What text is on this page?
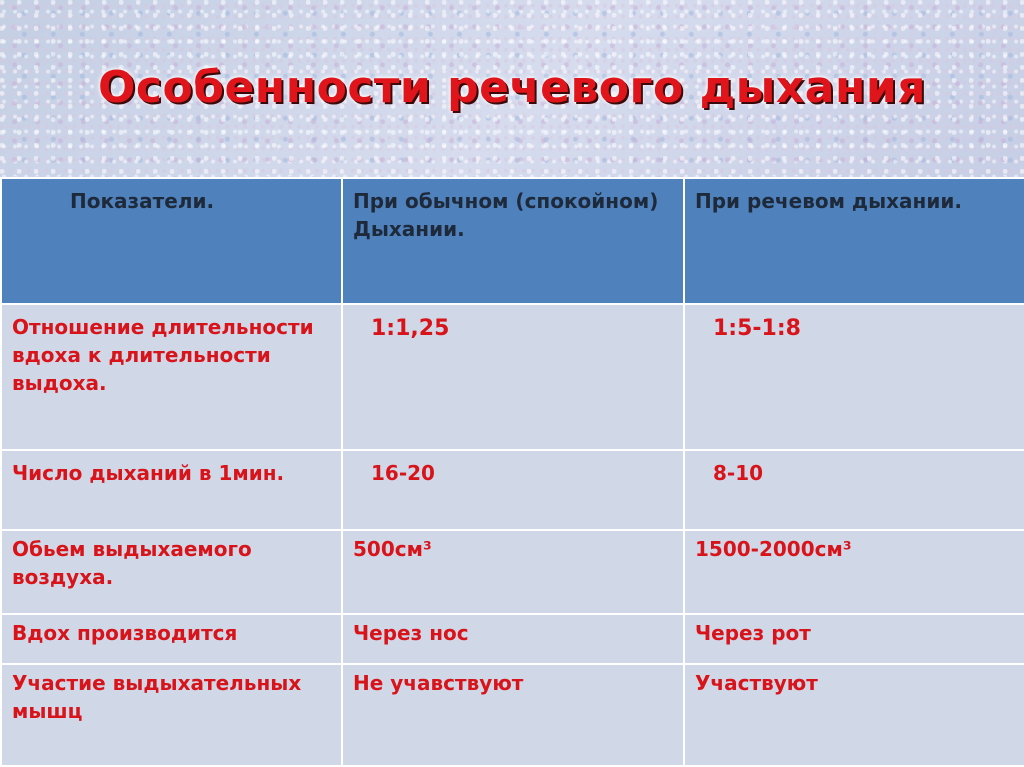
Особенности речевого дыхания
Показатели.	При обычном (спокойном) Дыхании.	При речевом дыхании.
Отношение длительности вдоха к длительности выдоха.	1:1,25	1:5-1:8
Число дыханий в 1мин.	16-20	8-10
Обьем выдыхаемого воздуха.	500см³	1500-2000см³
Вдох производится	Через нос	Через рот
Участие выдыхательных мышц	Не учавствуют	Участвуют
